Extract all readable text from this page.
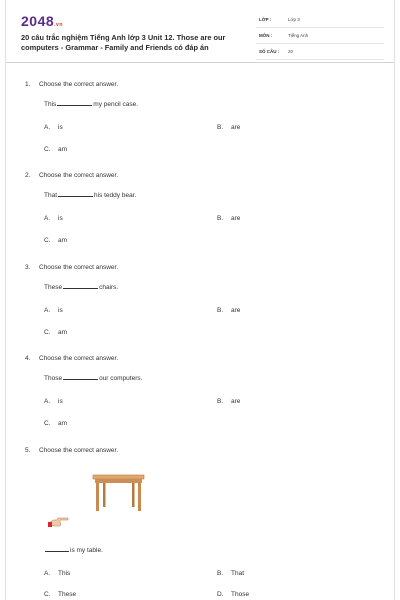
2048.vn
20 câu trắc nghiệm Tiếng Anh lớp 3 Unit 12. Those are our computers - Grammar - Family and Friends có đáp án
LỚP :	Lớp 3
MÔN :	Tiếng Anh
SỐ CÂU : 20
1. Choose the correct answer.
This	my pencil case.
A. is	B. are
C. am
2. Choose the correct answer.
That	his teddy bear.
A. is	B. are
C. am
3. Choose the correct answer.
These	chairs.
A. is	B. are
C. am
4. Choose the correct answer.
Those	our computers.
A. is	B. are
C. am
5. Choose the correct answer.
is my table.
A. This	B. That
C. These	D. Those
